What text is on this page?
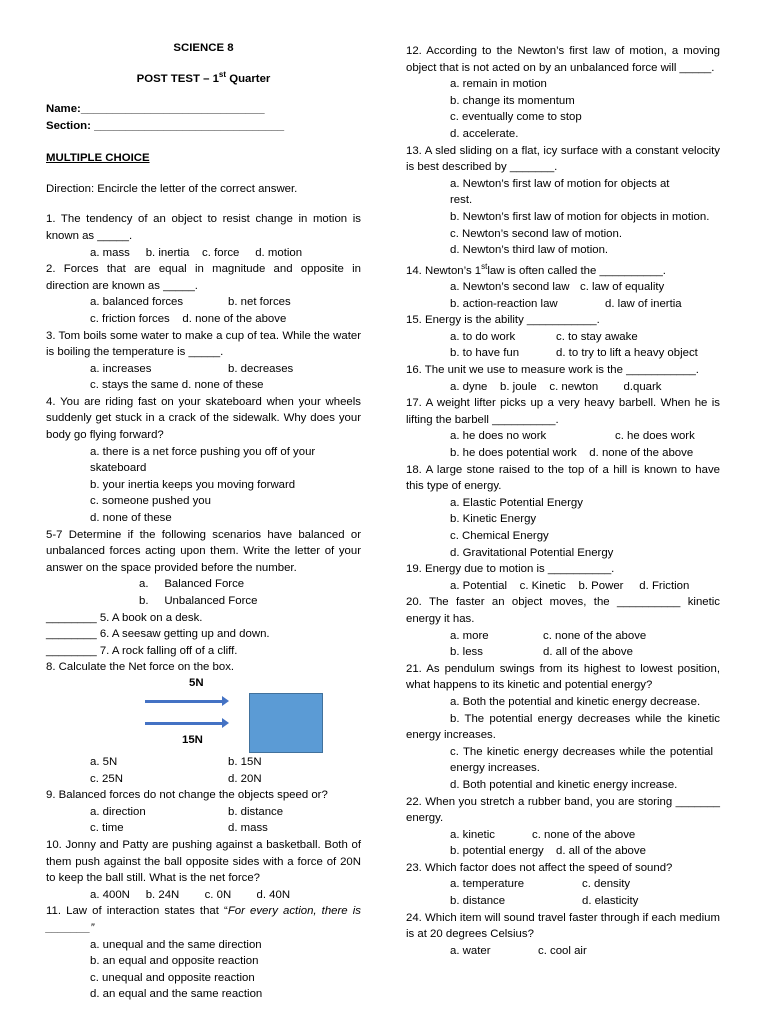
SCIENCE 8
POST TEST – 1st Quarter
Name:_____________________________
Section: ______________________________
MULTIPLE CHOICE
Direction: Encircle the letter of the correct answer.
1. The tendency of an object to resist change in motion is known as _____.
a. mass     b. inertia    c. force     d. motion
2. Forces that are equal in magnitude and opposite in direction are known as _____.
a. balanced forces	b. net forces
c. friction forces    d. none of the above
3. Tom boils some water to make a cup of tea. While the water is boiling the temperature is _____.
a. increases	b. decreases
c. stays the same d. none of these
4. You are riding fast on your skateboard when your wheels suddenly get stuck in a crack of the sidewalk. Why does your body go flying forward?
a. there is a net force pushing you off of your skateboard
b. your inertia keeps you moving forward
c. someone pushed you
d. none of these
5-7 Determine if the following scenarios have balanced or unbalanced forces acting upon them. Write the letter of your answer on the space provided before the number.
a.     Balanced Force
b.     Unbalanced Force
________ 5. A book on a desk.
________ 6. A seesaw getting up and down.
________ 7. A rock falling off of a cliff.
8. Calculate the Net force on the box.
5N
15N
a. 5N	b. 15N
c. 25N	d. 20N
9. Balanced forces do not change the objects speed or?
a. direction	b. distance
c. time	d. mass
10. Jonny and Patty are pushing against a basketball. Both of them push against the ball opposite sides with a force of 20N to keep the ball still. What is the net force?
a. 400N     b. 24N        c. 0N        d. 40N
11. Law of interaction states that “For every action, there is _______”
a. unequal and the same direction
b. an equal and opposite reaction
c. unequal and opposite reaction
d. an equal and the same reaction
12. According to the Newton’s first law of motion, a moving object that is not acted on by an unbalanced force will _____.
a. remain in motion
b. change its momentum
c. eventually come to stop
d. accelerate.
13. A sled sliding on a flat, icy surface with a constant velocity is best described by _______.
a. Newton’s first law of motion for objects at rest.
b. Newton’s first law of motion for objects in motion.
c. Newton’s second law of motion.
d. Newton’s third law of motion.
14. Newton’s 1stlaw is often called the __________.
a. Newton’s second law c. law of equality
b. action-reaction law	d. law of inertia
15. Energy is the ability ___________.
a. to do work	c. to stay awake
b. to have fun	d. to try to lift a heavy object
16. The unit we use to measure work is the ___________.
a. dyne    b. joule    c. newton        d.quark
17. A weight lifter picks up a very heavy barbell. When he is lifting the barbell __________.
a. he does no work	c. he does work
b. he does potential work    d. none of the above
18. A large stone raised to the top of a hill is known to have this type of energy.
a. Elastic Potential Energy
b. Kinetic Energy
c. Chemical Energy
d. Gravitational Potential Energy
19. Energy due to motion is __________.
a. Potential    c. Kinetic    b. Power     d. Friction
20. The faster an object moves, the __________ kinetic energy it has.
a. more	c. none of the above
b. less	d. all of the above
21. As pendulum swings from its highest to lowest position, what happens to its kinetic and potential energy?
a. Both the potential and kinetic energy decrease.
b. The potential energy decreases while the kinetic energy increases.
c. The kinetic energy decreases while the potential energy increases.
d. Both potential and kinetic energy increase.
22. When you stretch a rubber band, you are storing _______ energy.
a. kinetic	c. none of the above
b. potential energy	d. all of the above
23. Which factor does not affect the speed of sound?
a. temperature	c. density
b. distance	d. elasticity
24. Which item will sound travel faster through if each medium is at 20 degrees Celsius?
a. water	c. cool air
